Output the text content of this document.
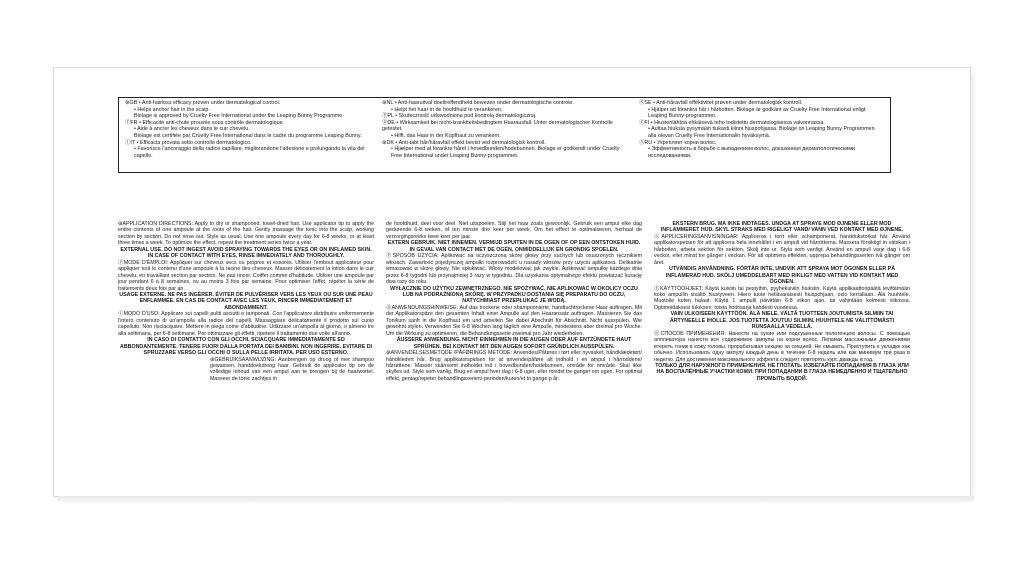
⊛GB • Anti-hairloss efficacy proven under dermatological control.

• Helps anchor hair in the scalp.

Biolage is approved by Cruelty Free International under the Leaping Bunny Programme.

ⒻFR • Efficacité anti-chute prouvée sous contrôle dermatologique.

• Aide à ancrer les cheveux dans le cuir chevelu.

Biolage est certifiée par Cruelty Free International dans le cadre du programme Leaping Bunny.

ⒾIT • Efficacia provata sotto controllo dermatologico.

• Favorisce l'ancoraggio della radice capillare, migliorandone l'adesione e prolungando la vita del capello.

⊛NL • Anti-haaruitval doeltreffendheid bewezen onder dermatologische controle.

• Helpt het haar in de hoofdhuid te verankeren.

ⓅPL • Skuteczność udowodniona pod kontrolą dermatologiczną.

ⒹDE • Wirksamkeit bei nicht-krankheitsbedingtem Haarausfall. Unter dermatologischer Kontrolle getestet.

• Hilft, das Haar in der Kopfhaut zu verankern.

⊛DK • Anti-tabt hår/håravfall effekt bevist ved dermatologisk kontroll.

• Hjælper med at forankre håret i hovedbunden/hodebunnen. Biolage er godkendt under Cruelty Free International under Leaping Bunny-programmet.

ⓈSE • Anti-håravfall effektivitet prøven under dermatologisk kontroll.

• Hjälper att förankra hår i hårbotten. Biolage är godkänt av Cruelty Free International enligt Leaping Bunny-programmet.

ⒻFI • Hiustenlähtöä ehkäisevä teho todistettu dermatologisessa valvonnassa.

• Auttaa hiuksia pysymään tiukasti kiinni hiuspohjassa. Biolage on Leaping Bunny Programmen alla olevan Cruelty Free Internationalin hyväksymä.

ⓇRU • Укрепляет корни волос.

• Эффективность в борьбе с выпадением волос, доказанная дерматологическими исследованиями.

⊛APPLICATION DIRECTIONS: Apply to dry or shampooed, towel-dried hair. Use applicator tip to apply the entire contents of one ampoule at the roots of the hair. Gently massage the tonic into the scalp, working section by section. Do not rinse out. Style as usual. Use one ampoule every day for 6-8 weeks, or at least three times a week. To optimize the effect, repeat the treatment series twice a year.

EXTERNAL USE. DO NOT INGEST AVOID SPRAYING TOWARDS THE EYES OR ON INFLAMED SKIN. IN CASE OF CONTACT WITH EYES, RINSE IMMEDIATELY AND THOROUGHLY.

ⒻMODE D'EMPLOI: Appliquer sur cheveux secs ou propres et essorés. Utiliser l'embout applicateur pour appliquer tout le contenu d'une ampoule à la racine des cheveux. Masser délicatement la lotion dans le cuir chevelu, en travaillant section par section. Ne pas rincer. Coiffer comme d'habitude. Utiliser une ampoule par jour pendant 6 à 8 semaines, ou au moins 3 fois par semaine. Pour optimiser l'effet, répéter la série de traitements deux fois par an.

USAGE EXTERNE. NE PAS INGÉRER. ÉVITER DE PULVÉRISER VERS LES YEUX OU SUR UNE PEAU ENFLAMMÉE. EN CAS DE CONTACT AVEC LES YEUX, RINCER IMMÉDIATEMENT ET ABONDAMMENT.

ⒾMODO D'USO: Applicare sui capelli puliti asciutti o tamponati. Con l'applicatore distribuire uniformemente l'intero contenuto di un'ampolla alla radice dei capelli. Massaggiare delicatamente il prodotto sul cuoio capelluto. Non risciacquare. Mettere in piega come d'abitudine. Utilizzare un'ampolla al giorno, o almeno tre alla settimana, per 6-8 settimane. Per ottimizzare gli effetti, ripetere il trattamento due volte all'anno.

IN CASO DI CONTATTO CON GLI OCCHI, SCIACQUARE IMMEDIATAMENTE ED ABBONDANTEMENTE. TENERE FUORI DALLA PORTATA DEI BAMBINI. NON INGERIRE. EVITARE DI SPRUZZARE VERSO GLI OCCHI O SULLA PELLE IRRITATA. PER USO ESTERNO.

⊛GEBRUIKSAANWIJZING: Aanbrengen op droog of met shampoo gewassen, handdoekdroog haar. Gebruik de applicator tip om de volledige inhoud van een ampul aan te brengen bij de haarwortel. Masseer de tonic zachtjes in

de hoofdhuid, deel voor deel. Niet uitspoelen. Stijl het haar zoals gewoonlijk. Gebruik een ampul elke dag gedurende 6-8 weken, of ten minste drie keer per week. Om het effect te optimaliseren, herhaal de verzorgingsreeks twee keer per jaar.

EXTERN GEBRUIK. NIET INNEMEN. VERMIJD SPUITEN IN DE OGEN OF OP EEN ONTSTOKEN HUID. IN GEVAL VAN CONTACT MET DE OGEN, ONMIDDELLIJK EN GRONDIG SPOELEN.

ⓅSPOSÓB UŻYCIA: Aplikować na oczyszczoną skórę głowy przy suchych lub osuszonych ręcznikiem włosach. Zawartość pojedynczej ampułki rozprowadzić u nasady włosów przy użyciu aplikatora. Delikatnie wmasować w skórę głowy. Nie spłukiwać. Włosy modelować jak zwykle. Aplikować ampułkę każdego dnia przez 6-8 tygodni lub przynajmniej 3 razy w tygodniu. Dla uzyskania optymalnego efektu powtarzać kurację dwa razy do roku.

WYŁĄCZNIE DO UŻYTKU ZEWNĘTRZNEGO. NIE SPOŻYWAĆ. NIE APLIKOWAĆ W OKOLICY OCZU LUB NA PODRAŻNIONĄ SKÓRĘ. W PRZYPADKU DOSTANIA SIĘ PREPARATU DO OCZU, NATYCHMIAST PRZEPŁUKAĆ JE WODĄ.

ⒹANWENDUNGSHINWEISE: Auf das trockene oder shampoonierte, handtuchtrockene Haar auftragen. Mit der Applikatorspitze den gesamten Inhalt einer Ampulle auf den Haaransatz auftragen. Massieren Sie das Tonikum sanft in die Kopfhaut ein und arbeiten Sie dabei Abschnitt für Abschnitt. Nicht ausspülen. Wie gewohnt stylen. Verwenden Sie 6-8 Wochen lang täglich eine Ampulle, mindestens aber dreimal pro Woche. Um die Wirkung zu optimieren, die Behandlungsserie zweimal pro Jahr wiederholen.

ÄUSSERE ANWENDUNG. NICHT EINNEHMEN IN DIE AUGEN ODER AUF ENTZÜNDETE HAUT SPRÜHEN. BEI KONTAKT MIT DEN AUGEN SOFORT GRÜNDLICH AUSSPÜLEN.

⊛ANVENDELSESMETODE /PÅFØRINGS METODE: Anvendes/Påføres i tørt eller nyvasket, håndklædetørt/ håndkledert hår. Brug applikatorspidsen for at anvende/påføre alt indhold i en ampul i hårroddene/ hårrøttene. Massér skånsomt indholdet ind i hovedbunden/hodebunnen, område for område. Skal ikke skylles ud. Style som vanlig. Brug en ampul hver dag i 6-8 uger, eller mindst tre ganger om ugen. For optimal effekt, gentag/repeter behandlingsserien/-perioden/kuren/et to gange p år.

EKSTERN BRUG. MÅ IKKE INDTAGES. UNDGÅ AT SPRAYE MOD ØJNENE ELLER MOD INFLAMMERET HUD. SKYL STRAKS MED RIGELIGT VAND/ VANN VED KONTAKT MED ØJNENE.

ⓈAPPLICERINGSANVISNINGAR: Appliceras i torrt eller schamponerat, handdukstorkat hår. Använd applikatorspetsen för att applicera hela innehållet i en ampull vid hårrötterna. Massera försiktigt in vätskan i hårbotten, arbeta sektion för sektion. Skölj inte ur. Styla som vanligt. Använd en ampull varje dag i 6-8 veckor, eller minst tre gånger i veckan. För att optimera effekten, upprepa behandlingsserien två gånger om året.

UTVÄNDIG ANVÄNDNING. FÖRTÄR INTE, UNDVIK ATT SPRAYA MOT ÖGONEN ELLER PÅ INFLAMERAD HUD. SKÖLJ UMEDDELBART MED RIKLIGT MED VATTEN VID KONTAKT MED ÖGONEN.

ⒻKÄYTTÖOHJEET: Käytä kuiviin tai pestyihin, pyyhekuiviin hiuksiin. Käytä applikaattoripäätä levittämään koko ampullin sisältö hiustyveen. Hiero tuote hellävaraisesti hiuspohjaan, osio kerrallaan. Älä huuhtele. Muotoile kuten halaat. Käytä 1 ampulli päivittäin 6-8 viikon ajan, tai vähintään kolmesti viikossa. Optimoidaksesi tuloksen, toista hoitosarja kahdesti vuodessa.

VAIN ULKOISEEN KÄYTTÖÖN. ÄLÄ NIELE. VÄLTÄ TUOTTEEN JOUTUMISTA SILMIIN TAI ÄRTYNEELLE IHOLLE. JOS TUOTETTA JOUTUU SILMIIN, HUUHTELE NE VÄLITTÖMÄSTI RUNSAALLA VEDELLÄ.

ⓇСПОСОБ ПРИМЕНЕНИЯ: Нанести на сухие или подсушенные полотенцем волосы. С помощью аппликатора нанести все содержимое ампулы на корни волос. Легкими массажными движениями втереть тоник в кожу головы, прорабатывая секцию за секцией. Не смывать. Приступить к укладке как обычно. Использовать одну ампулу каждый день в течение 6-8 недель или как минимум три раза в неделю. Для достижения максимального эффекта следует повторять курс дважды в год.

ТОЛЬКО ДЛЯ НАРУЖНОГО ПРИМЕНЕНИЯ. НЕ ГЛОТАТЬ. ИЗБЕГАЙТЕ ПОПАДАНИЯ В ГЛАЗА ИЛИ НА ВОСПАЛЁННЫЕ УЧАСТКИ КОЖИ. ПРИ ПОПАДАНИИ В ГЛАЗА НЕМЕДЛЕННО И ТЩАТЕЛЬНО ПРОМЫТЬ ВОДОЙ.
